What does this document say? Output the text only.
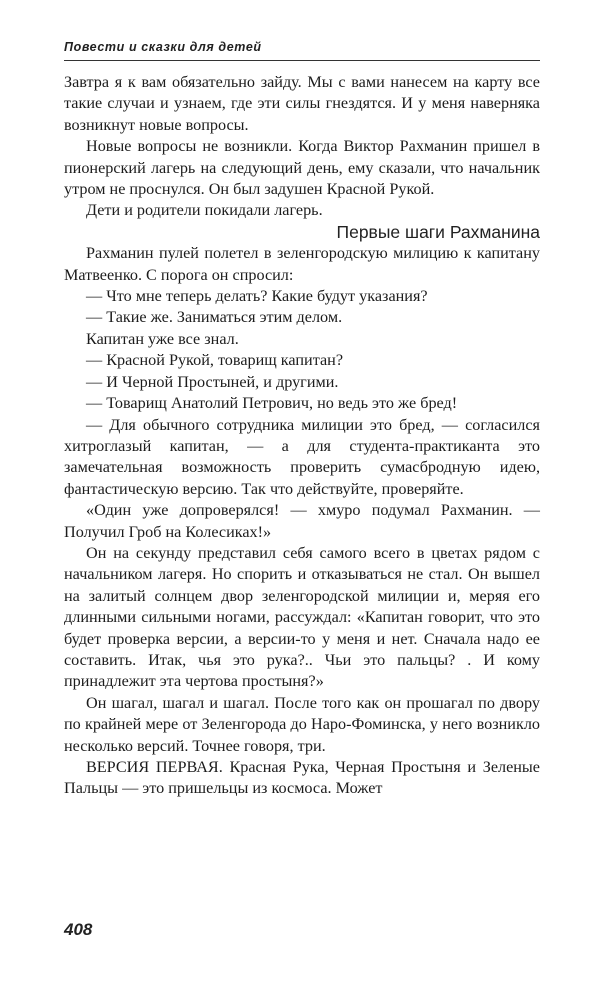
Повести и сказки для детей

Завтра я к вам обязательно зайду. Мы с вами нанесем на карту все такие случаи и узнаем, где эти силы гнездятся. И у меня наверняка возникнут новые вопросы.

Новые вопросы не возникли. Когда Виктор Рахманин пришел в пионерский лагерь на следующий день, ему сказали, что начальник утром не проснулся. Он был задушен Красной Рукой.

Дети и родители покидали лагерь.

Первые шаги Рахманина

Рахманин пулей полетел в зеленгородскую милицию к капитану Матвеенко. С порога он спросил:

— Что мне теперь делать? Какие будут указания?

— Такие же. Заниматься этим делом.

Капитан уже все знал.

— Красной Рукой, товарищ капитан?

— И Черной Простыней, и другими.

— Товарищ Анатолий Петрович, но ведь это же бред!

— Для обычного сотрудника милиции это бред, — согласился хитроглазый капитан, — а для студента-практиканта это замечательная возможность проверить сумасбродную идею, фантастическую версию. Так что действуйте, проверяйте.

«Один уже допроверялся! — хмуро подумал Рахманин. — Получил Гроб на Колесиках!»

Он на секунду представил себя самого всего в цветах рядом с начальником лагеря. Но спорить и отказываться не стал. Он вышел на залитый солнцем двор зеленгородской милиции и, меряя его длинными сильными ногами, рассуждал: «Капитан говорит, что это будет проверка версии, а версии-то у меня и нет. Сначала надо ее составить. Итак, чья это рука?.. Чьи это пальцы? . И кому принадлежит эта чертова простыня?»

Он шагал, шагал и шагал. После того как он прошагал по двору по крайней мере от Зеленгорода до Наро-Фоминска, у него возникло несколько версий. Точнее говоря, три.

ВЕРСИЯ ПЕРВАЯ. Красная Рука, Черная Простыня и Зеленые Пальцы — это пришельцы из космоса. Может

408
